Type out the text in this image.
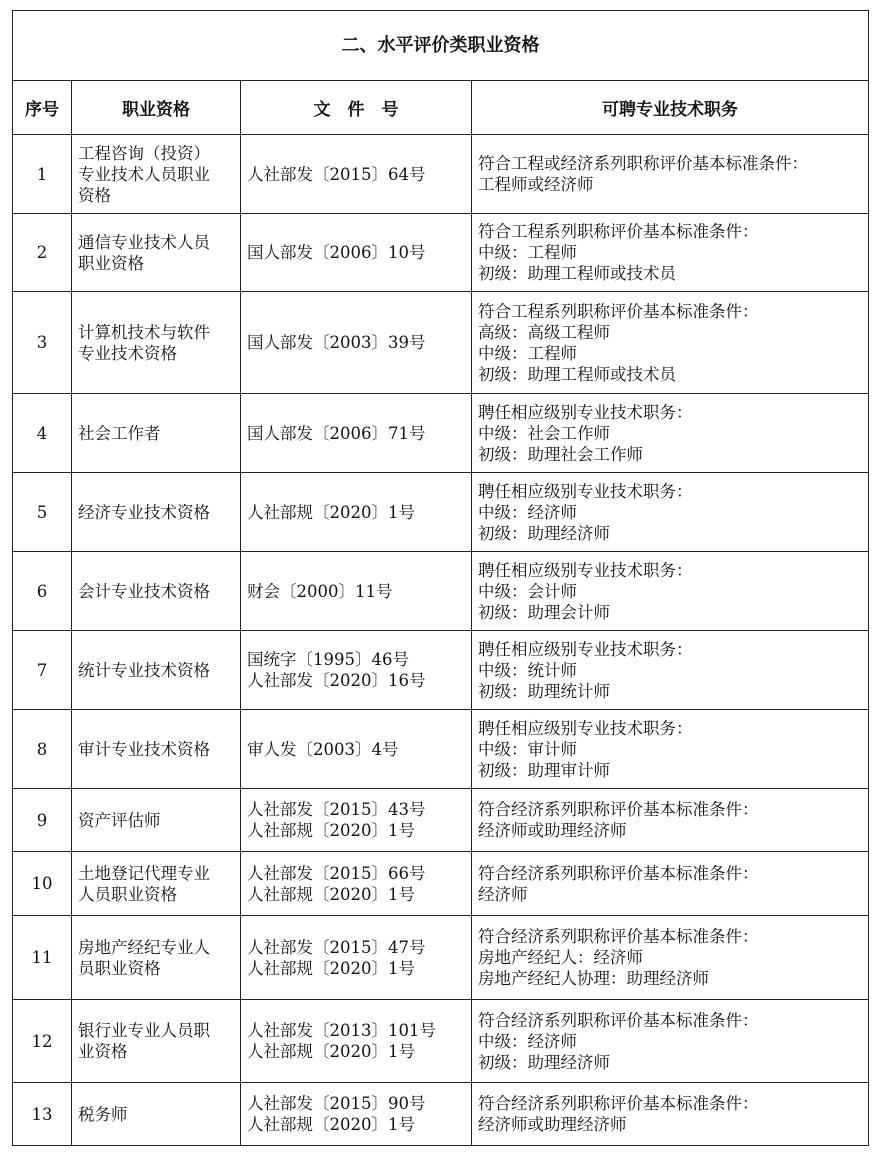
二、水平评价类职业资格			
序号	职业资格	文　件　号	可聘专业技术职务
1	工程咨询（投资）
专业技术人员职业
资格	人社部发〔2015〕64号	符合工程或经济系列职称评价基本标准条件：
工程师或经济师

2	通信专业技术人员
职业资格	国人部发〔2006〕10号	符合工程系列职称评价基本标准条件：
中级：工程师
初级：助理工程师或技术员

3	计算机技术与软件
专业技术资格	国人部发〔2003〕39号	符合工程系列职称评价基本标准条件：
高级：高级工程师
中级：工程师
初级：助理工程师或技术员

4	社会工作者	国人部发〔2006〕71号	聘任相应级别专业技术职务：
中级：社会工作师
初级：助理社会工作师

5	经济专业技术资格	人社部规〔2020〕1号	聘任相应级别专业技术职务：
中级：经济师
初级：助理经济师

6	会计专业技术资格	财会〔2000〕11号	聘任相应级别专业技术职务：
中级：会计师
初级：助理会计师

7	统计专业技术资格	国统字〔1995〕46号
人社部发〔2020〕16号	聘任相应级别专业技术职务：
中级：统计师
初级：助理统计师

8	审计专业技术资格	审人发〔2003〕4号	聘任相应级别专业技术职务：
中级：审计师
初级：助理审计师

9	资产评估师	人社部发〔2015〕43号
人社部规〔2020〕1号	符合经济系列职称评价基本标准条件：
经济师或助理经济师

10	土地登记代理专业
人员职业资格	人社部发〔2015〕66号
人社部规〔2020〕1号	符合经济系列职称评价基本标准条件：
经济师

11	房地产经纪专业人
员职业资格	人社部发〔2015〕47号
人社部规〔2020〕1号	符合经济系列职称评价基本标准条件：
房地产经纪人：经济师
房地产经纪人协理：助理经济师

12	银行业专业人员职
业资格	人社部发〔2013〕101号
人社部规〔2020〕1号	符合经济系列职称评价基本标准条件：
中级：经济师
初级：助理经济师

13	税务师	人社部发〔2015〕90号
人社部规〔2020〕1号	符合经济系列职称评价基本标准条件：
经济师或助理经济师
